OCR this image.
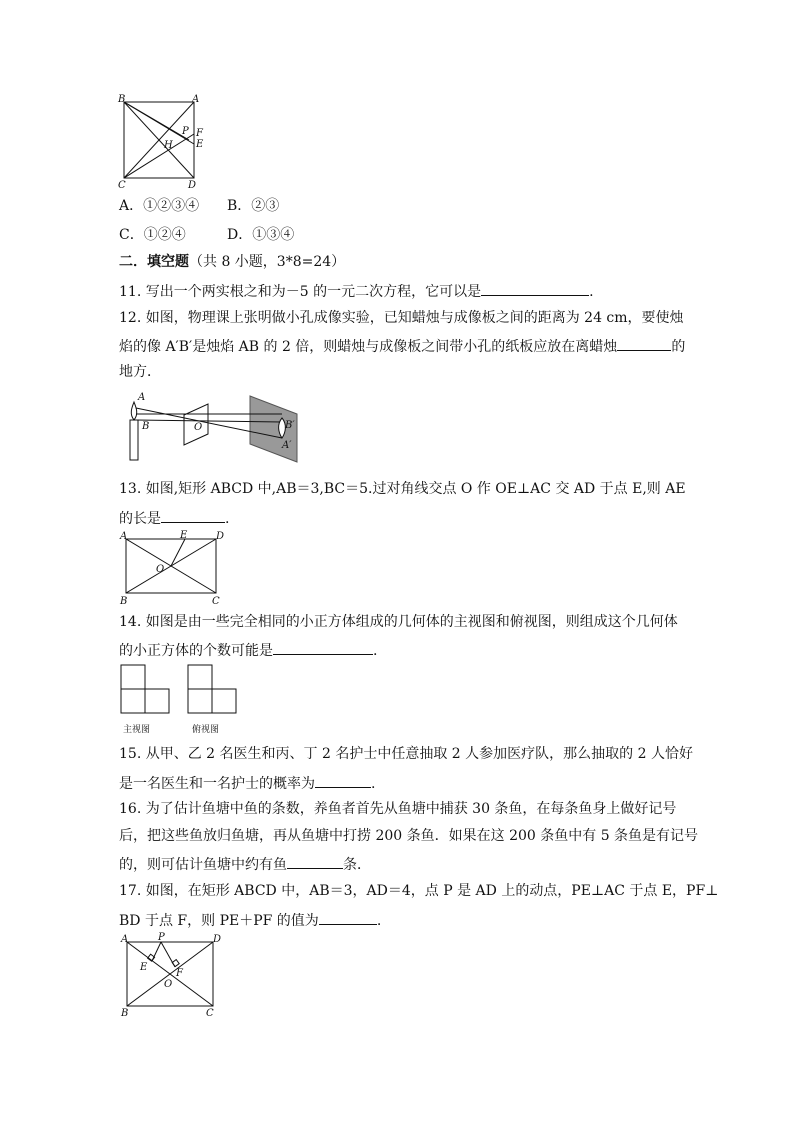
B	A
P F
E
H
C	D
A．①②③④ B．②③
C．①②④	D．①③④
二．填空题（共 8 小题，3*8=24）
11. 写出一个两实根之和为－5 的一元二次方程，它可以是	.
12. 如图，物理课上张明做小孔成像实验，已知蜡烛与成像板之间的距离为 24 cm，要使烛
焰的像 A′B′是烛焰 AB 的 2 倍，则蜡烛与成像板之间带小孔的纸板应放在离蜡烛	的
地方．
A
B	O	B′
A′
13. 如图,矩形 ABCD 中,AB＝3,BC＝5.过对角线交点 O 作 OE⊥AC 交 AD 于点 E,则 AE
的长是	.
A	E	D
O
B	C
14. 如图是由一些完全相同的小正方体组成的几何体的主视图和俯视图，则组成这个几何体
的小正方体的个数可能是	.
主视图	俯视图
15. 从甲、乙 2 名医生和丙、丁 2 名护士中任意抽取 2 人参加医疗队，那么抽取的 2 人恰好
是一名医生和一名护士的概率为	.
16. 为了估计鱼塘中鱼的条数，养鱼者首先从鱼塘中捕获 30 条鱼，在每条鱼身上做好记号
后，把这些鱼放归鱼塘，再从鱼塘中打捞 200 条鱼．如果在这 200 条鱼中有 5 条鱼是有记号
的，则可估计鱼塘中约有鱼	条．
17. 如图，在矩形 ABCD 中，AB＝3，AD＝4，点 P 是 AD 上的动点，PE⊥AC 于点 E，PF⊥
BD 于点 F，则 PE＋PF 的值为	.
A	P	D
E
F
O
B	C
